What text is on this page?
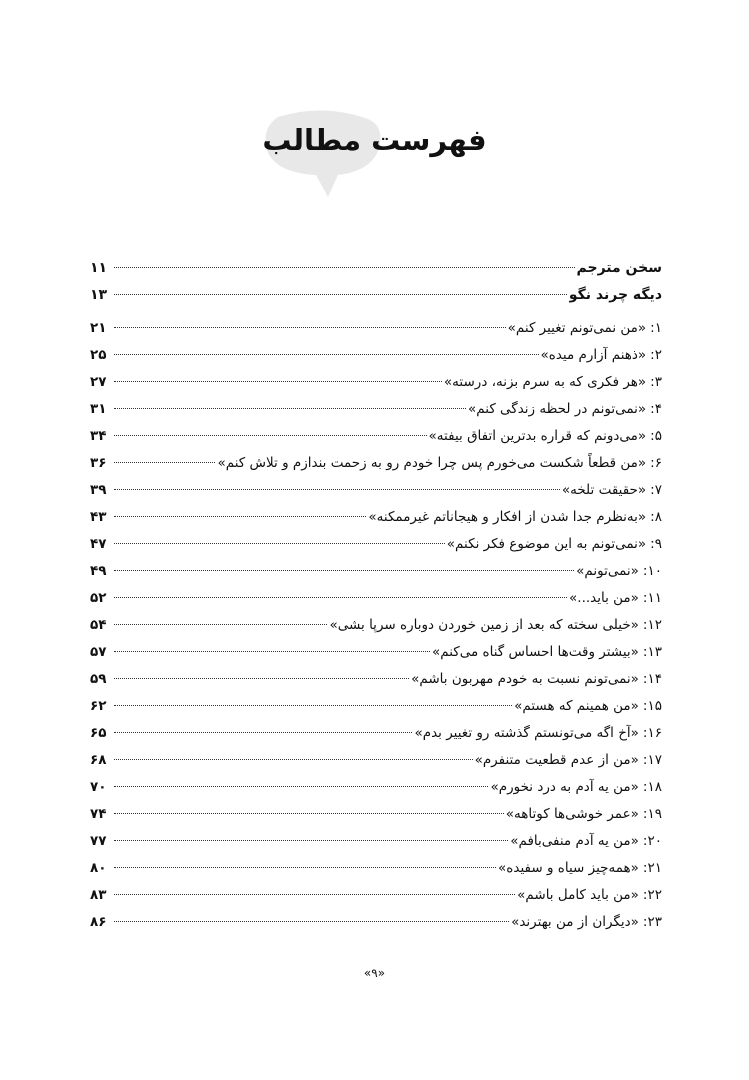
فهرست مطالب
سخن مترجم
۱۱
دیگه چرند نگو
۱۳
۱:
«من نمی‌تونم تغییر کنم»
۲۱
۲:
«ذهنم آزارم میده»
۲۵
۳:
«هر فکری که به سرم بزنه، درسته»
۲۷
۴:
«نمی‌تونم در لحظه زندگی کنم»
۳۱
۵:
«می‌دونم که قراره بدترین اتفاق بیفته»
۳۴
۶:
«من قطعاً شکست می‌خورم پس چرا خودم رو به زحمت بندازم و تلاش کنم»
۳۶
۷:
«حقیقت تلخه»
۳۹
۸:
«به‌نظرم جدا شدن از افکار و هیجاناتم غیرممکنه»
۴۳
۹:
«نمی‌تونم به این موضوع فکر نکنم»
۴۷
۱۰:
«نمی‌تونم»
۴۹
۱۱:
«من باید...»
۵۲
۱۲:
«خیلی سخته که بعد از زمین خوردن دوباره سرپا بشی»
۵۴
۱۳:
«بیشتر وقت‌ها احساس گناه می‌کنم»
۵۷
۱۴:
«نمی‌تونم نسبت به خودم مهربون باشم»
۵۹
۱۵:
«من همینم که هستم»
۶۲
۱۶:
«آخ اگه می‌تونستم گذشته رو تغییر بدم»
۶۵
۱۷:
«من از عدم قطعیت متنفرم»
۶۸
۱۸:
«من یه آدم به درد نخورم»
۷۰
۱۹:
«عمر خوشی‌ها کوتاهه»
۷۴
۲۰:
«من یه آدم منفی‌بافم»
۷۷
۲۱:
«همه‌چیز سیاه و سفیده»
۸۰
۲۲:
«من باید کامل باشم»
۸۳
۲۳:
«دیگران از من بهترند»
۸۶
«۹»
